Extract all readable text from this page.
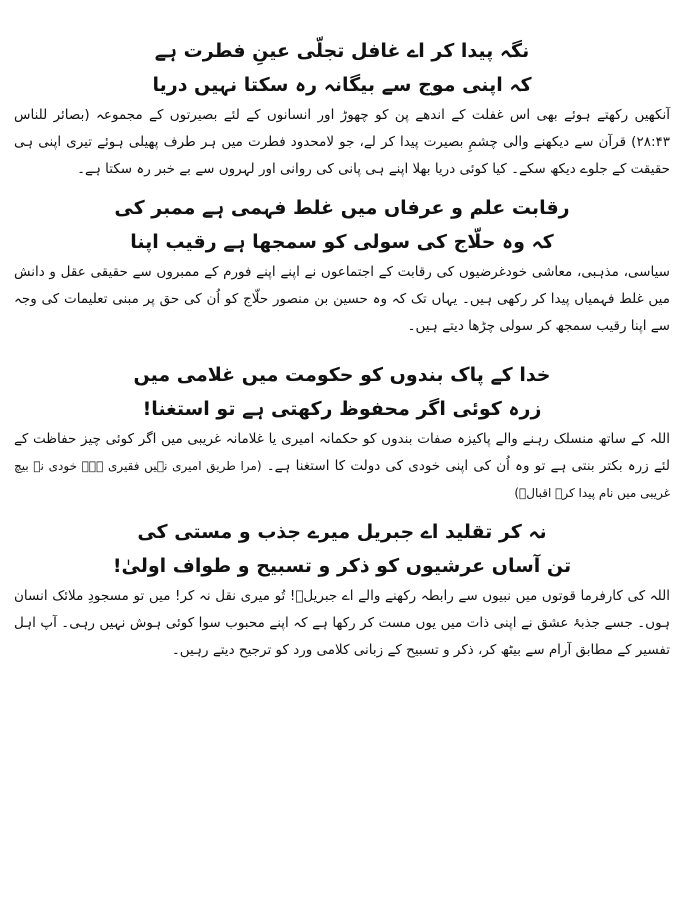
نگہ پیدا کر اے غافل تجلّی عینِ فطرت ہے

کہ اپنی موج سے بیگانہ رہ سکتا نہیں دریا

آنکھیں رکھتے ہوئے بھی اس غفلت کے اندھے پن کو چھوڑ اور انسانوں کے لئے بصیرتوں کے مجموعہ (بصائر للناس ۲۸:۴۳) قرآن سے دیکھنے والی چشمِ بصیرت پیدا کر لے، جو لامحدود فطرت میں ہر طرف پھیلی ہوئے تیری اپنی ہی حقیقت کے جلوے دیکھ سکے۔ کیا کوئی دریا بھلا اپنے ہی پانی کی روانی اور لہروں سے بے خبر رہ سکتا ہے۔

رقابت علم و عرفاں میں غلط فہمی ہے ممبر کی

کہ وہ حلّاج کی سولی کو سمجھا ہے رقیب اپنا

سیاسی، مذہبی، معاشی خودغرضیوں کی رقابت کے اجتماعوں نے اپنے اپنے فورم کے ممبروں سے حقیقی عقل و دانش میں غلط فہمیاں پیدا کر رکھی ہیں۔ یہاں تک کہ وہ حسین بن منصور حلّاج کو اُن کی حق پر مبنی تعلیمات کی وجہ سے اپنا رقیب سمجھ کر سولی چڑھا دیتے ہیں۔

خدا کے پاک بندوں کو حکومت میں غلامی میں

زرہ کوئی اگر محفوظ رکھتی ہے تو استغنا!

اللہ کے ساتھ منسلک رہنے والے پاکیزہ صفات بندوں کو حکمانہ امیری یا غلامانہ غریبی میں اگر کوئی چیز حفاظت کے لئے زرہ بکتر بنتی ہے تو وہ اُن کی اپنی خودی کی دولت کا استغنا ہے۔ (مرا طریق امیری نہیں فقیری ہے۔ خودی نہ بیچ غریبی میں نام پیدا کر۔ اقبالؒ)

نہ کر تقلید اے جبریل میرے جذب و مستی کی

تن آساں عرشیوں کو ذکر و تسبیح و طواف اولیٰ!

اللہ کی کارفرما قوتوں میں نبیوں سے رابطہ رکھنے والے اے جبریلؑ! تُو میری نقل نہ کر! میں تو مسجودِ ملائک انسان ہوں۔ جسے جذبۂ عشق نے اپنی ذات میں یوں مست کر رکھا ہے کہ اپنے محبوب سوا کوئی ہوش نہیں رہی۔ آپ اہل تفسیر کے مطابق آرام سے بیٹھ کر، ذکر و تسبیح کے زبانی کلامی ورد کو ترجیح دیتے رہیں۔
